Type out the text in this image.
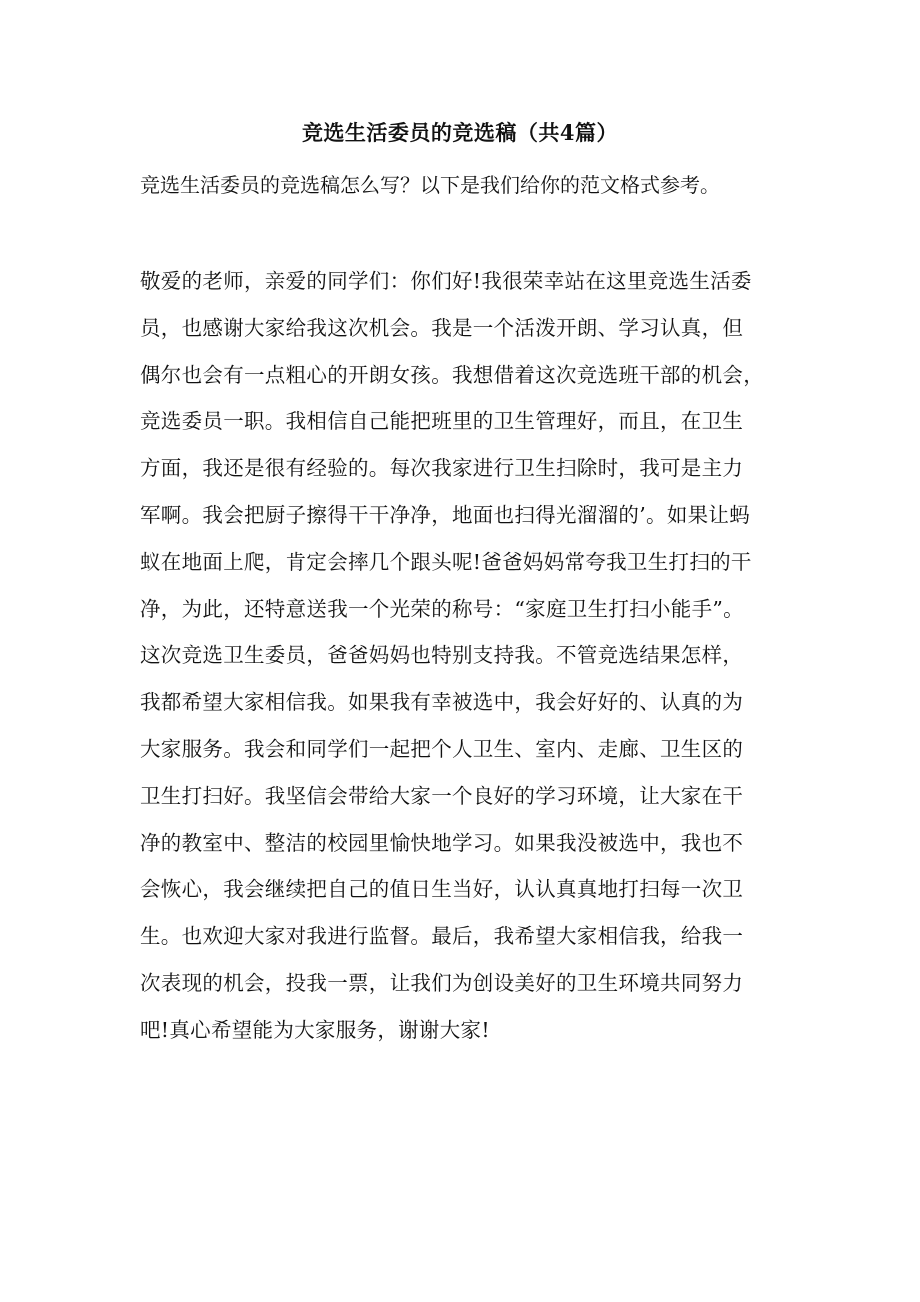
竞选生活委员的竞选稿（共4篇）
竞选生活委员的竞选稿怎么写？以下是我们给你的范文格式参考。
敬爱的老师，亲爱的同学们：你们好!我很荣幸站在这里竞选生活委
员，也感谢大家给我这次机会。我是一个活泼开朗、学习认真，但
偶尔也会有一点粗心的开朗女孩。我想借着这次竞选班干部的机会，
竞选委员一职。我相信自己能把班里的卫生管理好，而且，在卫生
方面，我还是很有经验的。每次我家进行卫生扫除时，我可是主力
军啊。我会把厨子擦得干干净净，地面也扫得光溜溜的’。如果让蚂
蚁在地面上爬，肯定会摔几个跟头呢!爸爸妈妈常夸我卫生打扫的干
净，为此，还特意送我一个光荣的称号：“家庭卫生打扫小能手”。
这次竞选卫生委员，爸爸妈妈也特别支持我。不管竞选结果怎样，
我都希望大家相信我。如果我有幸被选中，我会好好的、认真的为
大家服务。我会和同学们一起把个人卫生、室内、走廊、卫生区的
卫生打扫好。我坚信会带给大家一个良好的学习环境，让大家在干
净的教室中、整洁的校园里愉快地学习。如果我没被选中，我也不
会恢心，我会继续把自己的值日生当好，认认真真地打扫每一次卫
生。也欢迎大家对我进行监督。最后，我希望大家相信我，给我一
次表现的机会，投我一票，让我们为创设美好的卫生环境共同努力
吧!真心希望能为大家服务，谢谢大家!
